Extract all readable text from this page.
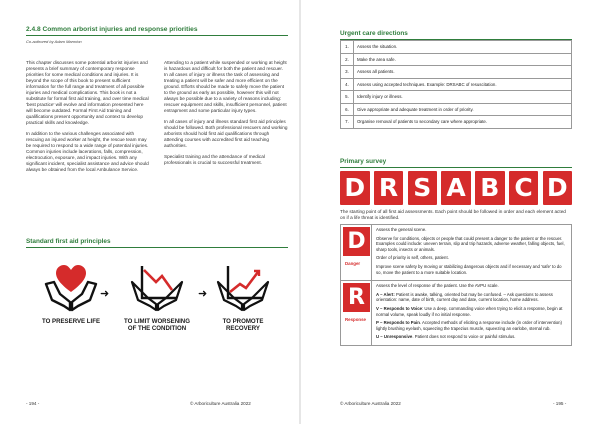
2.4.8 Common arborist injuries and response priorities
Co-authored by Adam Marmion

This chapter discusses some potential arborist injuries and presents a brief summary of contemporary response priorities for some medical conditions and injuries. It is beyond the scope of this book to present sufficient information for the full range and treatment of all possible injuries and medical complications. This book is not a substitute for formal first aid training, and over time medical 'best practice' will evolve and information presented here will become outdated. Formal First Aid training and qualifications present opportunity and context to develop practical skills and knowledge.

In addition to the various challenges associated with rescuing an injured worker at height, the rescue team may be required to respond to a wide range of potential injuries. Common injuries include lacerations, falls, compression, electrocution, exposure, and impact injuries. With any significant incident, specialist assistance and advice should always be obtained from the local Ambulance Service.

Attending to a patient while suspended or working at height is hazardous and difficult for both the patient and rescuer. In all cases of injury or illness the task of assessing and treating a patient will be safer and more efficient on the ground. Efforts should be made to safely move the patient to the ground as early as possible, however this will not always be possible due to a variety of reasons including: rescuer equipment and skills, insufficient personnel, patient entrapment and some particular injury types.

In all cases of injury and illness standard first aid principles should be followed. Both professional rescuers and working arborists should hold first aid qualifications through attending courses with accredited first aid teaching authorities.

Specialist training and the attendance of medical professionals is crucial to successful treatment.

Standard first aid principles
TO PRESERVE LIFE
➜
TO LIMIT WORSENING
OF THE CONDITION
➜
TO PROMOTE
RECOVERY
- 194 -	© Arboriculture Australia 2022
Urgent care directions
1.	Assess the situation.
2.	Make the area safe.
3.	Assess all patients.
4.	Assess using accepted techniques. Example: DRSABC of resuscitation.
5.	Identify injury or illness.
6.	Give appropriate and adequate treatment in order of priority.
7.	Organise removal of patients to secondary care where appropriate.
Primary survey
D R S A B C D
The starting point of all first aid assessments. Each point should be followed in order and each element acted on if a life threat is identified.
D
Danger

Assess the general scene.

Observe for conditions, objects or people that could present a danger to the patient or the rescuer. Examples could include: uneven terrain, slip and trip hazards, adverse weather, falling objects, fuel, sharp tools, insects or animals.

Order of priority is self, others, patient.

Improve scene safety by moving or stabilizing dangerous objects and if necessary and 'safe' to do so, move the patient to a more suitable location.

R
Response

Assess the level of response of the patient. Use the AVPU scale.

A – Alert: Patient is awake, talking, oriented but may be confused. – Ask questions to assess orientation: name, date of birth, current day and date, current location, home address.

V – Responds to Voice: Use a deep, commanding voice when trying to elicit a response, begin at normal volume, speak loudly if no initial response.

P – Responds to Pain. Accepted methods of eliciting a response include (in order of intervention) lightly brushing eyelash, squeezing the trapezius muscle, squeezing an earlobe, sternal rub.

U – Unresponsive. Patient does not respond to voice or painful stimulus.

© Arboriculture Australia 2022	- 195 -
